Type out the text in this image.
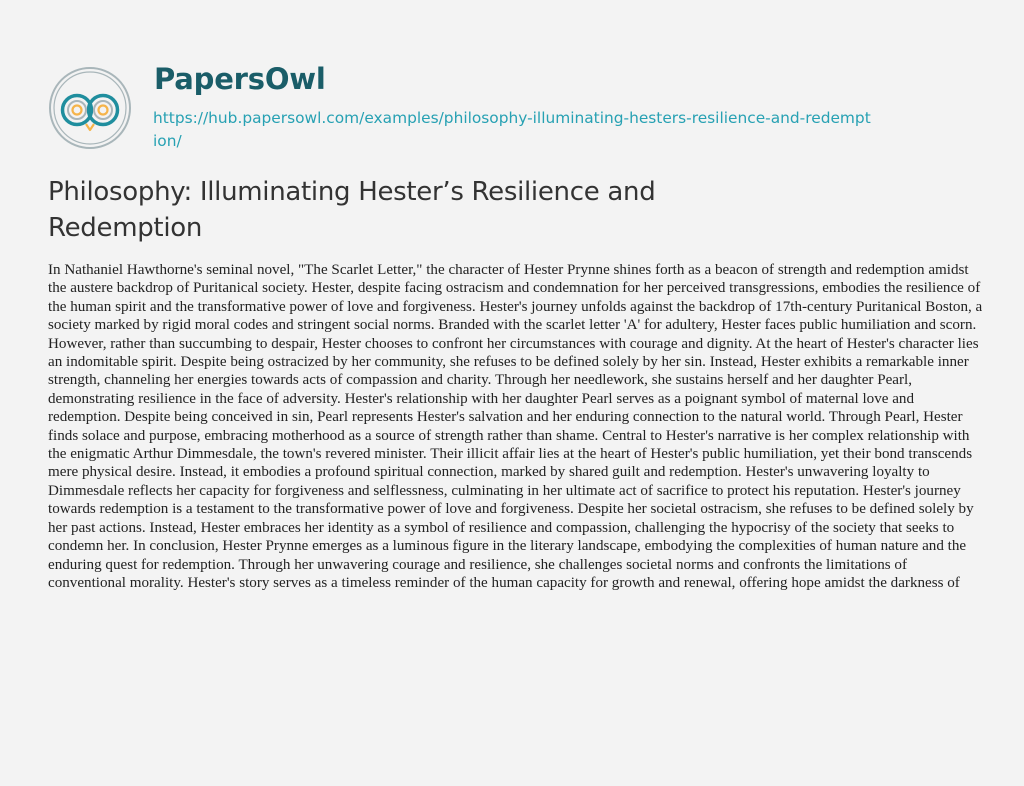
PapersOwl
https://hub.papersowl.com/examples/philosophy-illuminating-hesters-resilience-and-redemption/
Philosophy: Illuminating Hester’s Resilience and Redemption

In Nathaniel Hawthorne's seminal novel, "The Scarlet Letter," the character of Hester Prynne shines forth as a beacon of strength and redemption amidst the austere backdrop of Puritanical society. Hester, despite facing ostracism and condemnation for her perceived transgressions, embodies the resilience of the human spirit and the transformative power of love and forgiveness. Hester's journey unfolds against the backdrop of 17th-century Puritanical Boston, a society marked by rigid moral codes and stringent social norms. Branded with the scarlet letter 'A' for adultery, Hester faces public humiliation and scorn. However, rather than succumbing to despair, Hester chooses to confront her circumstances with courage and dignity. At the heart of Hester's character lies an indomitable spirit. Despite being ostracized by her community, she refuses to be defined solely by her sin. Instead, Hester exhibits a remarkable inner strength, channeling her energies towards acts of compassion and charity. Through her needlework, she sustains herself and her daughter Pearl, demonstrating resilience in the face of adversity. Hester's relationship with her daughter Pearl serves as a poignant symbol of maternal love and redemption. Despite being conceived in sin, Pearl represents Hester's salvation and her enduring connection to the natural world. Through Pearl, Hester finds solace and purpose, embracing motherhood as a source of strength rather than shame. Central to Hester's narrative is her complex relationship with the enigmatic Arthur Dimmesdale, the town's revered minister. Their illicit affair lies at the heart of Hester's public humiliation, yet their bond transcends mere physical desire. Instead, it embodies a profound spiritual connection, marked by shared guilt and redemption. Hester's unwavering loyalty to Dimmesdale reflects her capacity for forgiveness and selflessness, culminating in her ultimate act of sacrifice to protect his reputation. Hester's journey towards redemption is a testament to the transformative power of love and forgiveness. Despite her societal ostracism, she refuses to be defined solely by her past actions. Instead, Hester embraces her identity as a symbol of resilience and compassion, challenging the hypocrisy of the society that seeks to condemn her. In conclusion, Hester Prynne emerges as a luminous figure in the literary landscape, embodying the complexities of human nature and the enduring quest for redemption. Through her unwavering courage and resilience, she challenges societal norms and confronts the limitations of conventional morality. Hester's story serves as a timeless reminder of the human capacity for growth and renewal, offering hope amidst the darkness of
